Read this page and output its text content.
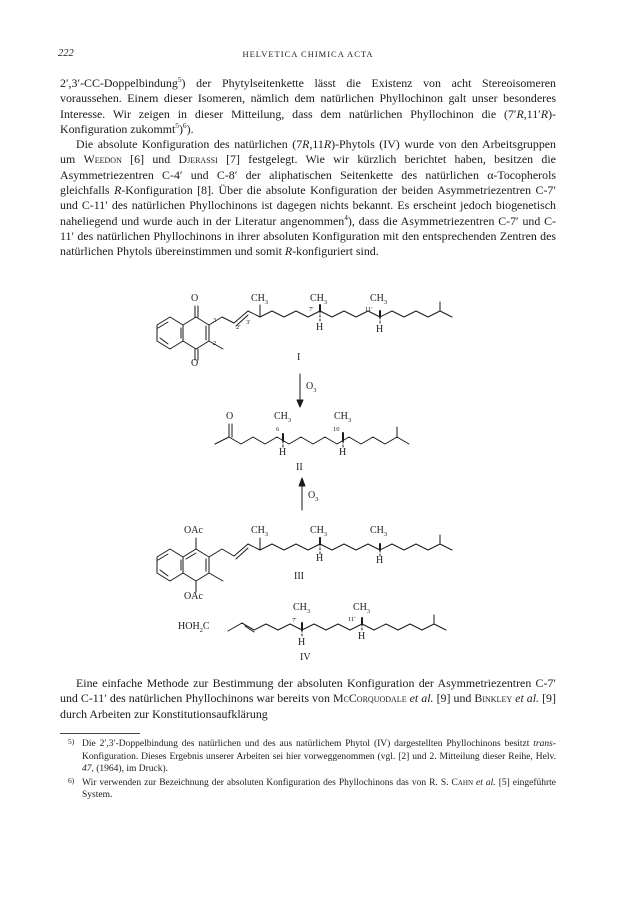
222	HELVETICA CHIMICA ACTA

2′,3′-CC-Doppelbindung$^5$) der Phytylseitenkette lässt die Existenz von acht Stereoisomeren voraussehen. Einem dieser Isomeren, nämlich dem natürlichen Phyllochinon galt unser besonderes Interesse. Wir zeigen in dieser Mitteilung, dass dem natürlichen Phyllochinon die (7′R,11′R)-Konfiguration zukommt$^5$)$^6$).

Die absolute Konfiguration des natürlichen (7R,11R)-Phytols (IV) wurde von den Arbeitsgruppen um Weedon [6] und Djerassi [7] festgelegt. Wie wir kürzlich berichtet haben, besitzen die Asymmetriezentren C-4′ und C-8′ der aliphatischen Seitenkette des natürlichen α-Tocopherols gleichfalls R-Konfiguration [8]. Über die absolute Konfiguration der beiden Asymmetriezentren C-7′ und C-11′ des natürlichen Phyllochinons ist dagegen nichts bekannt. Es erscheint jedoch biogenetisch naheliegend und wurde auch in der Literatur angenommen$^4$), dass die Asymmetriezentren C-7′ und C-11′ des natürlichen Phyllochinons in ihrer absoluten Konfiguration mit den entsprechenden Zentren des natürlichen Phytols übereinstimmen und somit R-konfiguriert sind.

O
O
3
2
2′
3′
$CH_3$	$CH_3$	$CH_3$
7′	11′
H	H
I
$O_3$
O	$CH_3$	$CH_3$
6	10
H	H
II
$O_3$
OAc
OAc
$CH_3$	$CH_3$	$CH_3$
H	H
III
$HOH_2C$
$CH_3$	$CH_3$
7′	11′
H
H
IV

Eine einfache Methode zur Bestimmung der absoluten Konfiguration der Asymmetriezentren C-7′ und C-11′ des natürlichen Phyllochinons war bereits von McCorquodale et al. [9] und Binkley et al. [9] durch Arbeiten zur Konstitutionsaufklärung

5) Die 2′,3′-Doppelbindung des natürlichen und des aus natürlichem Phytol (IV) dargestellten Phyllochinons besitzt trans-Konfiguration. Dieses Ergebnis unserer Arbeiten sei hier vorweggenommen (vgl. [2] und 2. Mitteilung dieser Reihe, Helv. 47, (1964), im Druck).

6) Wir verwenden zur Bezeichnung der absoluten Konfiguration des Phyllochinons das von R. S. Cahn et al. [5] eingeführte System.
